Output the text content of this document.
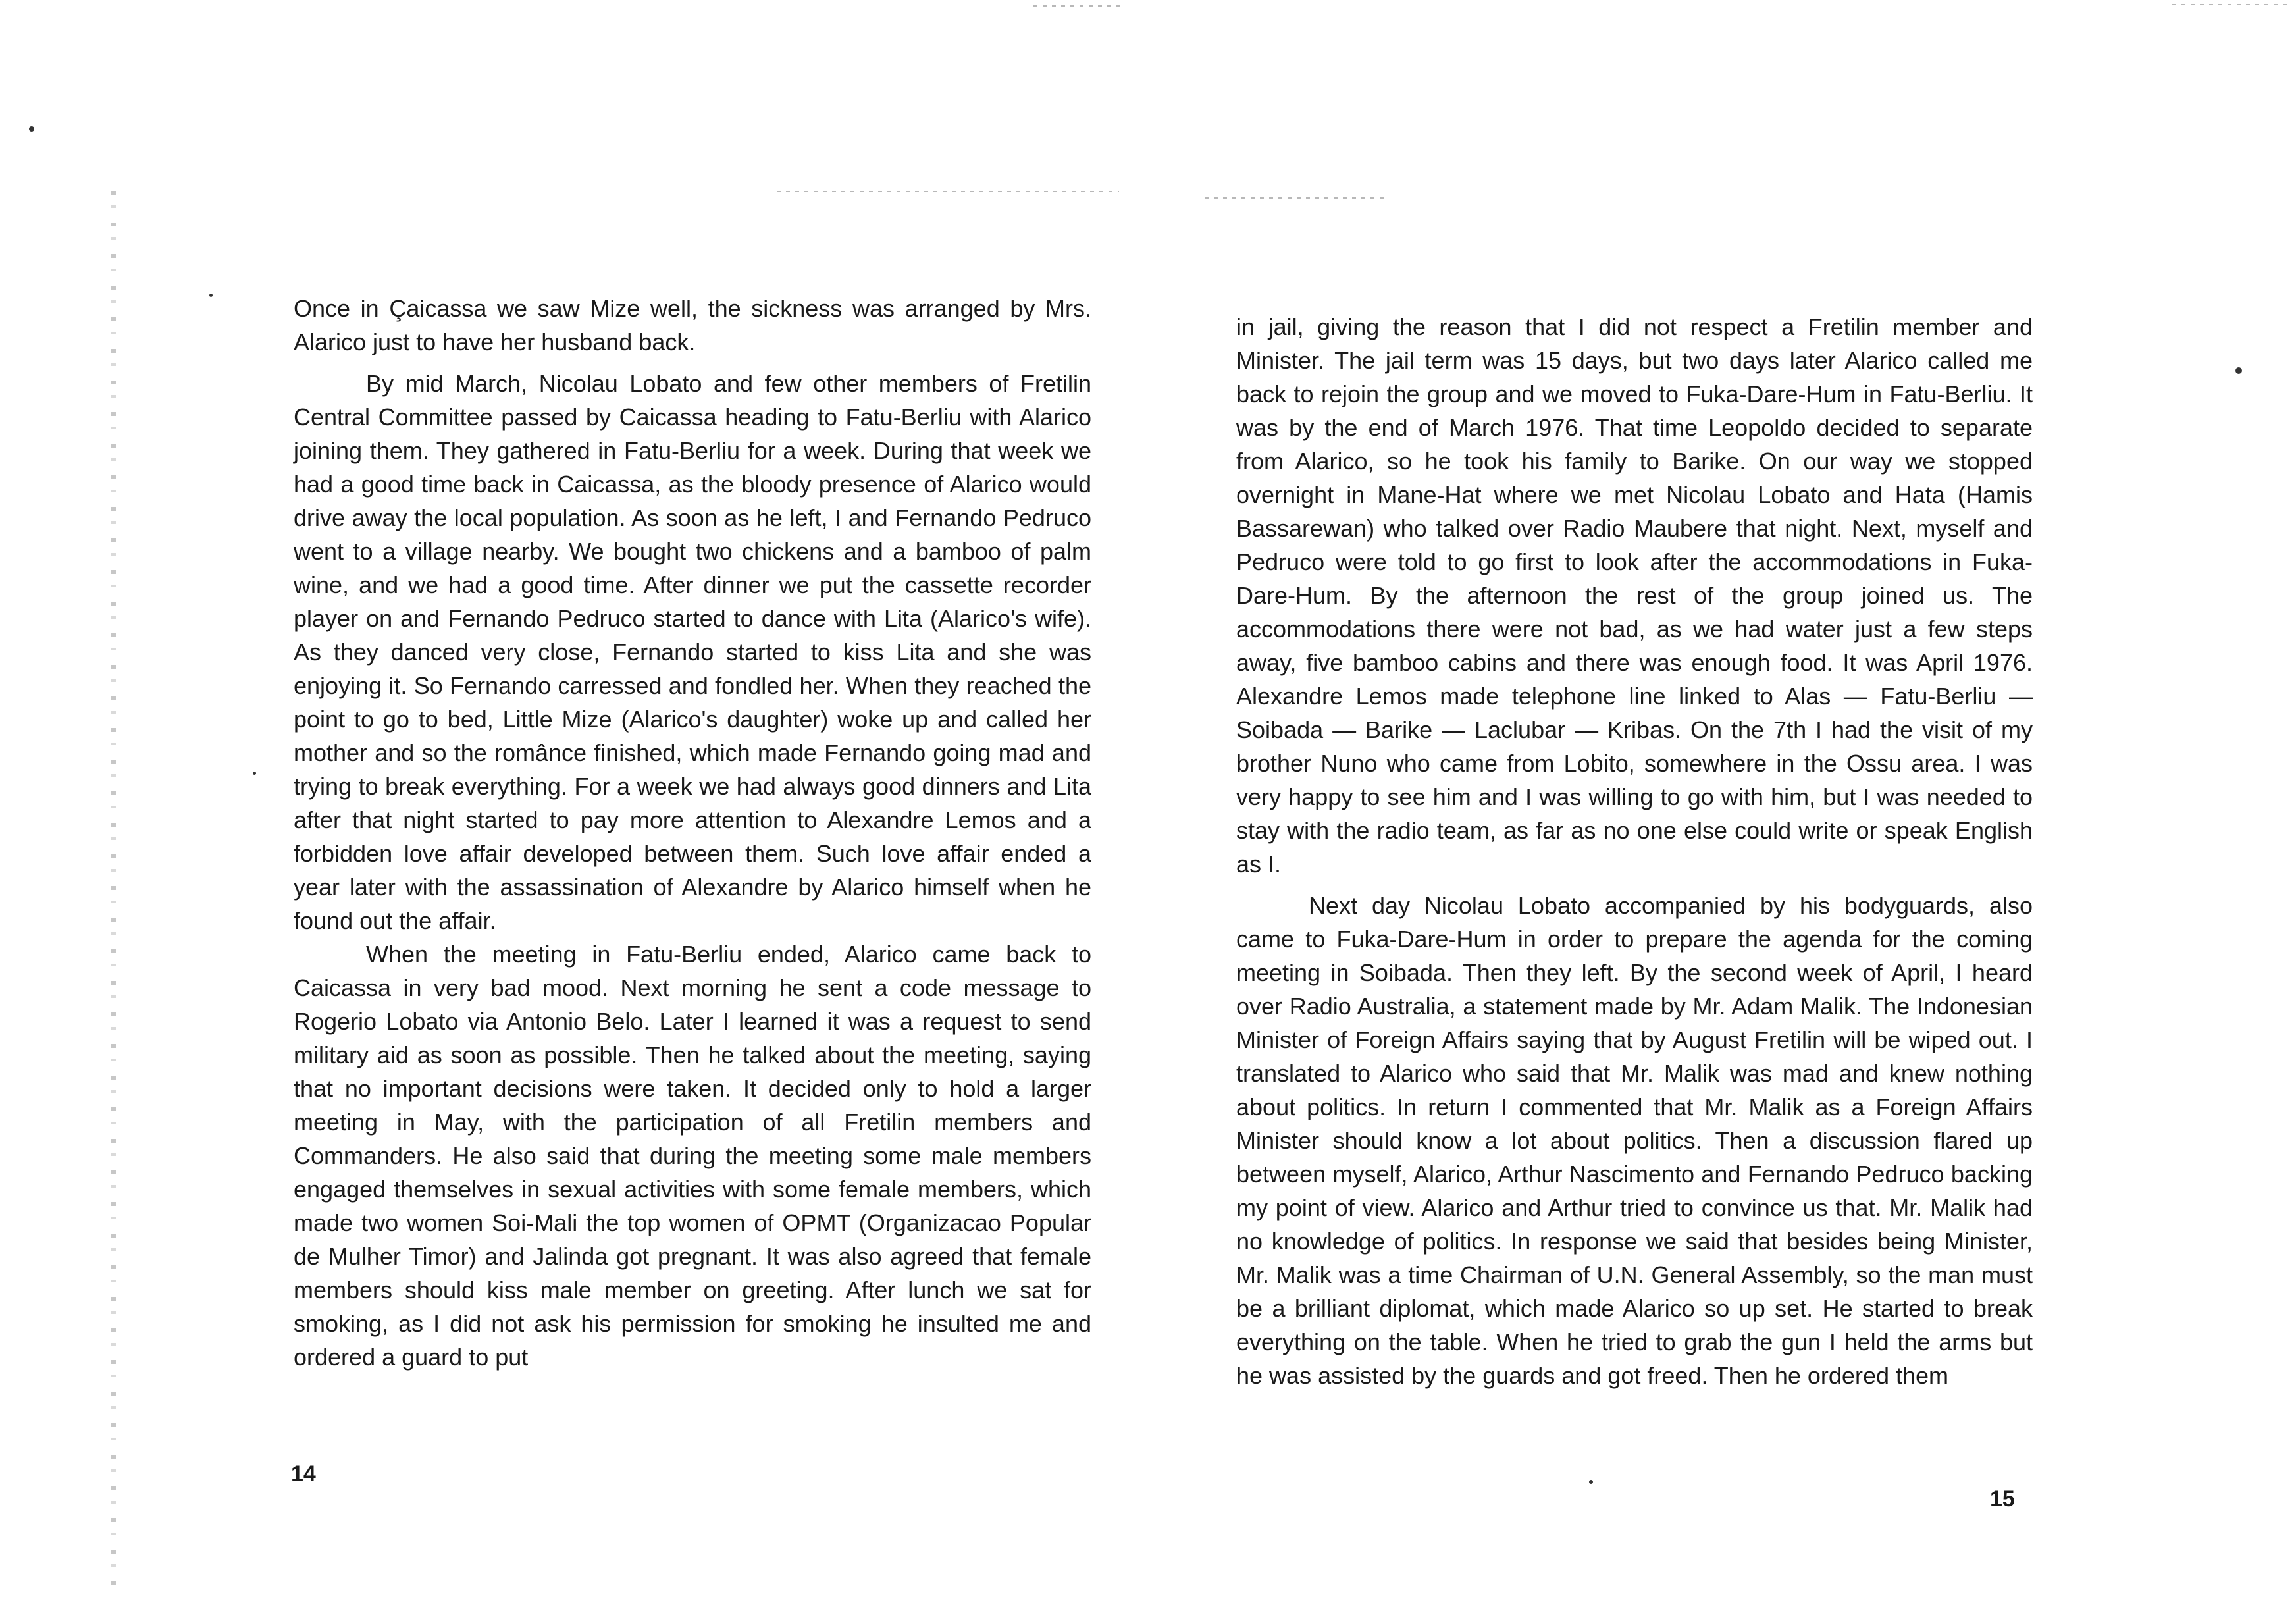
Once in Çaicassa we saw Mize well, the sickness was arranged by Mrs. Alarico just to have her husband back.

By mid March, Nicolau Lobato and few other members of Fretilin Central Committee passed by Caicassa heading to Fatu-Berliu with Alarico joining them. They gathered in Fatu-Berliu for a week. During that week we had a good time back in Caicassa, as the bloody presence of Alarico would drive away the local population. As soon as he left, I and Fernando Pedruco went to a village nearby. We bought two chickens and a bamboo of palm wine, and we had a good time. After dinner we put the cassette recorder player on and Fernando Pedruco started to dance with Lita (Alarico's wife). As they danced very close, Fernando started to kiss Lita and she was enjoying it. So Fernando carressed and fondled her. When they reached the point to go to bed, Little Mize (Alarico's daughter) woke up and called her mother and so the românce finished, which made Fernando going mad and trying to break everything. For a week we had always good dinners and Lita after that night started to pay more attention to Alexandre Lemos and a forbidden love affair developed between them. Such love affair ended a year later with the assassination of Alexandre by Alarico himself when he found out the affair.

When the meeting in Fatu-Berliu ended, Alarico came back to Caicassa in very bad mood. Next morning he sent a code message to Rogerio Lobato via Antonio Belo. Later I learned it was a request to send military aid as soon as possible. Then he talked about the meeting, saying that no important decisions were taken. It decided only to hold a larger meeting in May, with the participation of all Fretilin members and Commanders. He also said that during the meeting some male members engaged themselves in sexual activities with some female members, which made two women Soi-Mali the top women of OPMT (Organizacao Popular de Mulher Timor) and Jalinda got pregnant. It was also agreed that female members should kiss male member on greeting. After lunch we sat for smoking, as I did not ask his permission for smoking he insulted me and ordered a guard to put

14

in jail, giving the reason that I did not respect a Fretilin member and Minister. The jail term was 15 days, but two days later Alarico called me back to rejoin the group and we moved to Fuka-Dare-Hum in Fatu-Berliu. It was by the end of March 1976. That time Leopoldo decided to separate from Alarico, so he took his family to Barike. On our way we stopped overnight in Mane-Hat where we met Nicolau Lobato and Hata (Hamis Bassarewan) who talked over Radio Maubere that night. Next, myself and Pedruco were told to go first to look after the accommodations in Fuka-Dare-Hum. By the afternoon the rest of the group joined us. The accommodations there were not bad, as we had water just a few steps away, five bamboo cabins and there was enough food. It was April 1976. Alexandre Lemos made telephone line linked to Alas — Fatu-Berliu — Soibada — Barike — Laclubar — Kribas. On the 7th I had the visit of my brother Nuno who came from Lobito, somewhere in the Ossu area. I was very happy to see him and I was willing to go with him, but I was needed to stay with the radio team, as far as no one else could write or speak English as I.

Next day Nicolau Lobato accompanied by his bodyguards, also came to Fuka-Dare-Hum in order to prepare the agenda for the coming meeting in Soibada. Then they left. By the second week of April, I heard over Radio Australia, a statement made by Mr. Adam Malik. The Indonesian Minister of Foreign Affairs saying that by August Fretilin will be wiped out. I translated to Alarico who said that Mr. Malik was mad and knew nothing about politics. In return I commented that Mr. Malik as a Foreign Affairs Minister should know a lot about politics. Then a discussion flared up between myself, Alarico, Arthur Nascimento and Fernando Pedruco backing my point of view. Alarico and Arthur tried to convince us that. Mr. Malik had no knowledge of politics. In response we said that besides being Minister, Mr. Malik was a time Chairman of U.N. General Assembly, so the man must be a brilliant diplomat, which made Alarico so up set. He started to break everything on the table. When he tried to grab the gun I held the arms but he was assisted by the guards and got freed. Then he ordered them

15
